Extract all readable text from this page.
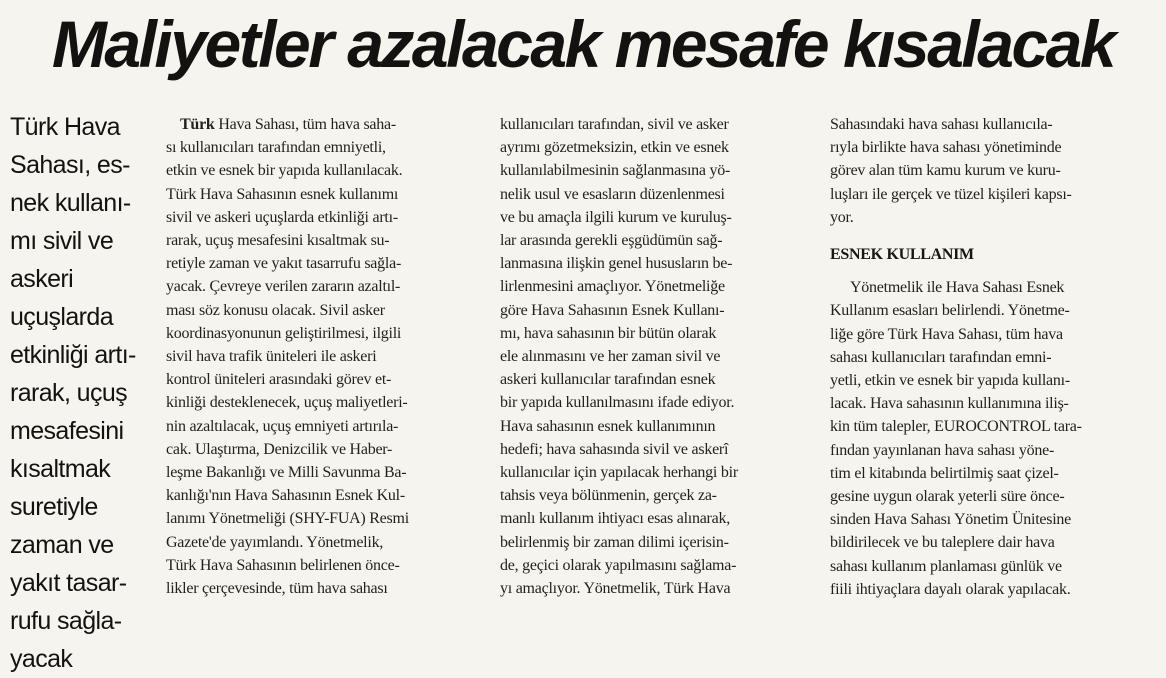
Maliyetler azalacak mesafe kısalacak
Türk Hava
Sahası, es-
nek kullanı-
mı sivil ve
askeri
uçuşlarda
etkinliği artı-
rarak, uçuş
mesafesini
kısaltmak
suretiyle
zaman ve
yakıt tasar-
rufu sağla-
yacak
Türk Hava Sahası, tüm hava saha-
sı kullanıcıları tarafından emniyetli,
etkin ve esnek bir yapıda kullanılacak.
Türk Hava Sahasının esnek kullanımı
sivil ve askeri uçuşlarda etkinliği artı-
rarak, uçuş mesafesini kısaltmak su-
retiyle zaman ve yakıt tasarrufu sağla-
yacak. Çevreye verilen zararın azaltıl-
ması söz konusu olacak. Sivil asker
koordinasyonunun geliştirilmesi, ilgili
sivil hava trafik üniteleri ile askeri
kontrol üniteleri arasındaki görev et-
kinliği desteklenecek, uçuş maliyetleri-
nin azaltılacak, uçuş emniyeti artırıla-
cak. Ulaştırma, Denizcilik ve Haber-
leşme Bakanlığı ve Milli Savunma Ba-
kanlığı'nın Hava Sahasının Esnek Kul-
lanımı Yönetmeliği (SHY-FUA) Resmi
Gazete'de yayımlandı. Yönetmelik,
Türk Hava Sahasının belirlenen önce-
likler çerçevesinde, tüm hava sahası
kullanıcıları tarafından, sivil ve asker
ayrımı gözetmeksizin, etkin ve esnek
kullanılabilmesinin sağlanmasına yö-
nelik usul ve esasların düzenlenmesi
ve bu amaçla ilgili kurum ve kuruluş-
lar arasında gerekli eşgüdümün sağ-
lanmasına ilişkin genel hususların be-
lirlenmesini amaçlıyor. Yönetmeliğe
göre Hava Sahasının Esnek Kullanı-
mı, hava sahasının bir bütün olarak
ele alınmasını ve her zaman sivil ve
askeri kullanıcılar tarafından esnek
bir yapıda kullanılmasını ifade ediyor.
Hava sahasının esnek kullanımının
hedefi; hava sahasında sivil ve askerî
kullanıcılar için yapılacak herhangi bir
tahsis veya bölünmenin, gerçek za-
manlı kullanım ihtiyacı esas alınarak,
belirlenmiş bir zaman dilimi içerisin-
de, geçici olarak yapılmasını sağlama-
yı amaçlıyor. Yönetmelik, Türk Hava
Sahasındaki hava sahası kullanıcıla-
rıyla birlikte hava sahası yönetiminde
görev alan tüm kamu kurum ve kuru-
luşları ile gerçek ve tüzel kişileri kapsı-
yor.
ESNEK KULLANIM
Yönetmelik ile Hava Sahası Esnek
Kullanım esasları belirlendi. Yönetme-
liğe göre Türk Hava Sahası, tüm hava
sahası kullanıcıları tarafından emni-
yetli, etkin ve esnek bir yapıda kullanı-
lacak. Hava sahasının kullanımına iliş-
kin tüm talepler, EUROCONTROL tara-
fından yayınlanan hava sahası yöne-
tim el kitabında belirtilmiş saat çizel-
gesine uygun olarak yeterli süre önce-
sinden Hava Sahası Yönetim Ünitesine
bildirilecek ve bu taleplere dair hava
sahası kullanım planlaması günlük ve
fiili ihtiyaçlara dayalı olarak yapılacak.
